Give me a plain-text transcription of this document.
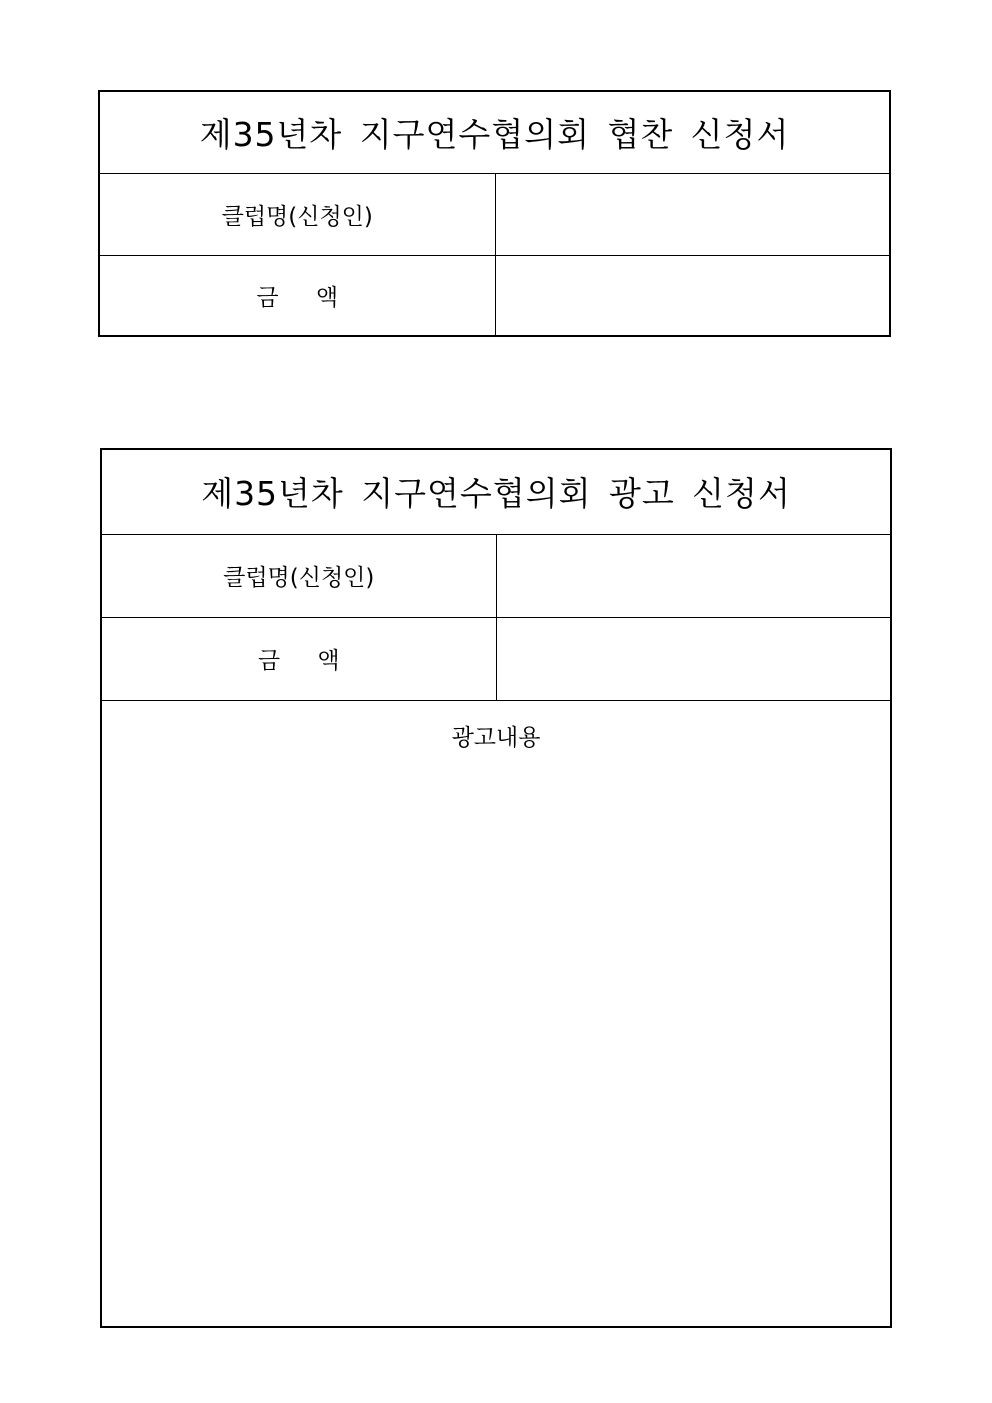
제35년차 지구연수협의회 협찬 신청서	
클럽명(신청인)	
금 액	
제35년차 지구연수협의회 광고 신청서	
클럽명(신청인)	
금 액	
광고내용	
